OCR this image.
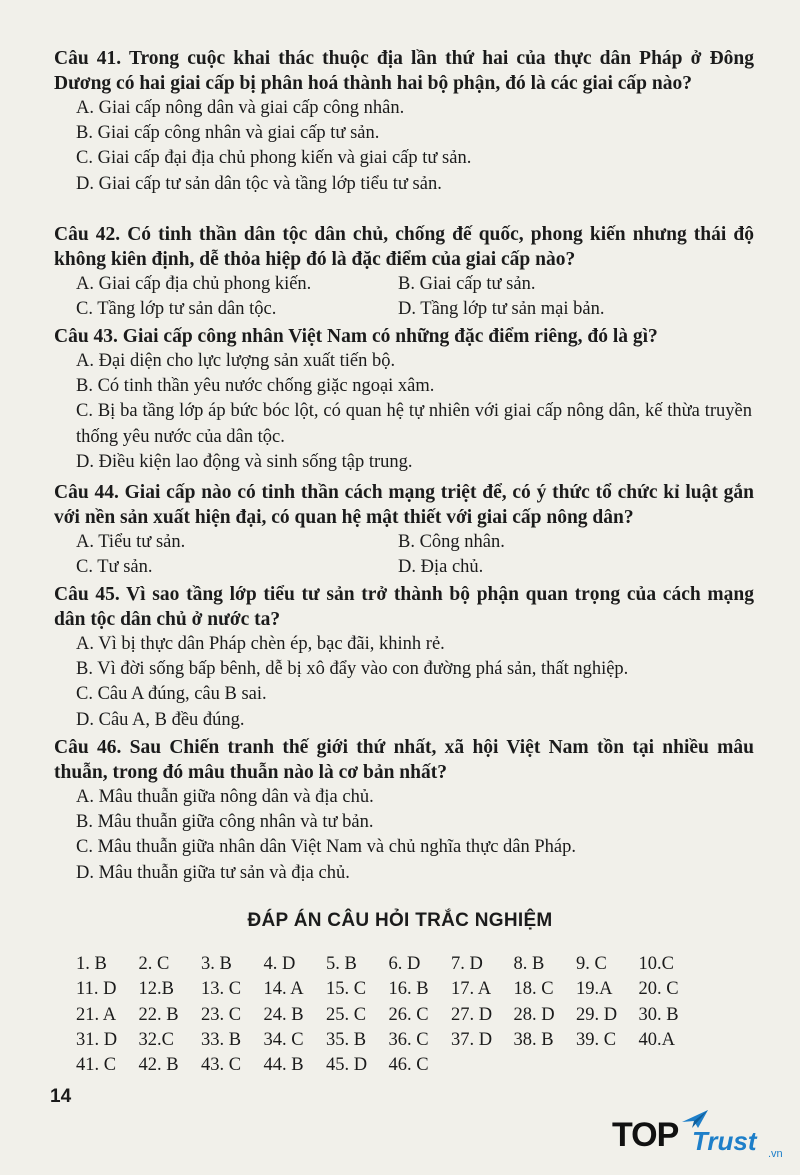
Câu 41. Trong cuộc khai thác thuộc địa lần thứ hai của thực dân Pháp ở Đông Dương có hai giai cấp bị phân hoá thành hai bộ phận, đó là các giai cấp nào?
A. Giai cấp nông dân và giai cấp công nhân.
B. Giai cấp công nhân và giai cấp tư sản.
C. Giai cấp đại địa chủ phong kiến và giai cấp tư sản.
D. Giai cấp tư sản dân tộc và tầng lớp tiểu tư sản.
Câu 42. Có tinh thần dân tộc dân chủ, chống đế quốc, phong kiến nhưng thái độ không kiên định, dễ thỏa hiệp đó là đặc điểm của giai cấp nào?
A. Giai cấp địa chủ phong kiến.	B. Giai cấp tư sản.
C. Tầng lớp tư sản dân tộc.	D. Tầng lớp tư sản mại bản.
Câu 43. Giai cấp công nhân Việt Nam có những đặc điểm riêng, đó là gì?
A. Đại diện cho lực lượng sản xuất tiến bộ.
B. Có tinh thần yêu nước chống giặc ngoại xâm.
C. Bị ba tầng lớp áp bức bóc lột, có quan hệ tự nhiên với giai cấp nông dân, kế thừa truyền thống yêu nước của dân tộc.
D. Điều kiện lao động và sinh sống tập trung.
Câu 44. Giai cấp nào có tinh thần cách mạng triệt để, có ý thức tổ chức kỉ luật gắn với nền sản xuất hiện đại, có quan hệ mật thiết với giai cấp nông dân?
A. Tiểu tư sản.	B. Công nhân.
C. Tư sản.	D. Địa chủ.
Câu 45. Vì sao tầng lớp tiểu tư sản trở thành bộ phận quan trọng của cách mạng dân tộc dân chủ ở nước ta?
A. Vì bị thực dân Pháp chèn ép, bạc đãi, khinh rẻ.
B. Vì đời sống bấp bênh, dễ bị xô đẩy vào con đường phá sản, thất nghiệp.
C. Câu A đúng, câu B sai.
D. Câu A, B đều đúng.
Câu 46. Sau Chiến tranh thế giới thứ nhất, xã hội Việt Nam tồn tại nhiều mâu thuẫn, trong đó mâu thuẫn nào là cơ bản nhất?
A. Mâu thuẫn giữa nông dân và địa chủ.
B. Mâu thuẫn giữa công nhân và tư bản.
C. Mâu thuẫn giữa nhân dân Việt Nam và chủ nghĩa thực dân Pháp.
D. Mâu thuẫn giữa tư sản và địa chủ.
ĐÁP ÁN CÂU HỎI TRẮC NGHIỆM
1. B	2. C	3. B	4. D	5. B	6. D	7. D	8. B	9. C	10.C
11. D	12.B	13. C	14. A	15. C	16. B	17. A	18. C	19.A	20. C
21. A	22. B	23. C	24. B	25. C	26. C	27. D	28. D	29. D	30. B
31. D	32.C	33. B	34. C	35. B	36. C	37. D	38. B	39. C	40.A
41. C	42. B	43. C	44. B	45. D	46. C
14
TOP Trust .vn
